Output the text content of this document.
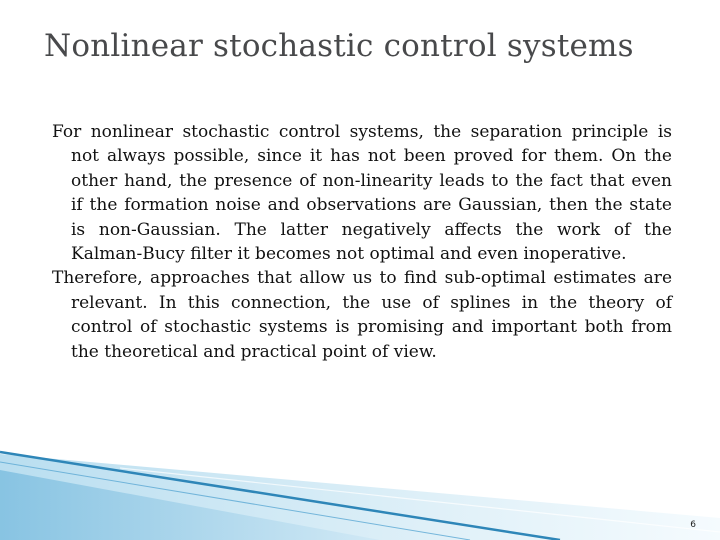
Nonlinear stochastic control systems

For nonlinear stochastic control systems, the separation principle is not always possible, since it has not been proved for them. On the other hand, the presence of non-linearity leads to the fact that even if the formation noise and observations are Gaussian, then the state is non-Gaussian. The latter negatively affects the work of the Kalman-Bucy filter it becomes not optimal and even inoperative.

Therefore, approaches that allow us to find sub-optimal estimates are relevant. In this connection, the use of splines in the theory of control of stochastic systems is promising and important both from the theoretical and practical point of view.

6
